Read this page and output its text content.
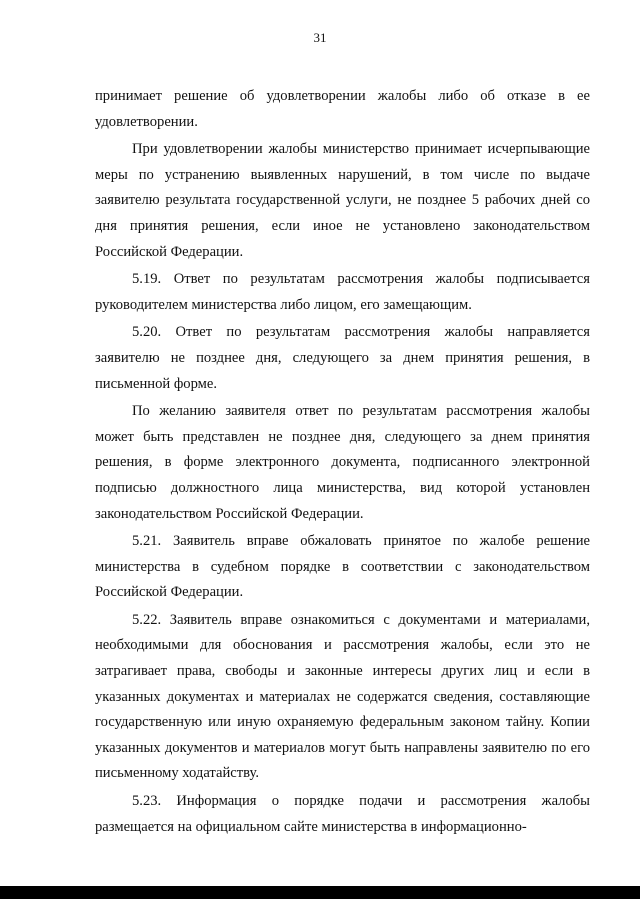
31

принимает решение об удовлетворении жалобы либо об отказе в ее удовлетворении.

При удовлетворении жалобы министерство принимает исчерпывающие меры по устранению выявленных нарушений, в том числе по выдаче заявителю результата государственной услуги, не позднее 5 рабочих дней со дня принятия решения, если иное не установлено законодательством Российской Федерации.

5.19. Ответ по результатам рассмотрения жалобы подписывается руководителем министерства либо лицом, его замещающим.

5.20. Ответ по результатам рассмотрения жалобы направляется заявителю не позднее дня, следующего за днем принятия решения, в письменной форме.

По желанию заявителя ответ по результатам рассмотрения жалобы может быть представлен не позднее дня, следующего за днем принятия решения, в форме электронного документа, подписанного электронной подписью должностного лица министерства, вид которой установлен законодательством Российской Федерации.

5.21. Заявитель вправе обжаловать принятое по жалобе решение министерства в судебном порядке в соответствии с законодательством Российской Федерации.

5.22. Заявитель вправе ознакомиться с документами и материалами, необходимыми для обоснования и рассмотрения жалобы, если это не затрагивает права, свободы и законные интересы других лиц и если в указанных документах и материалах не содержатся сведения, составляющие государственную или иную охраняемую федеральным законом тайну. Копии указанных документов и материалов могут быть направлены заявителю по его письменному ходатайству.

5.23. Информация о порядке подачи и рассмотрения жалобы размещается на официальном сайте министерства в информационно-
